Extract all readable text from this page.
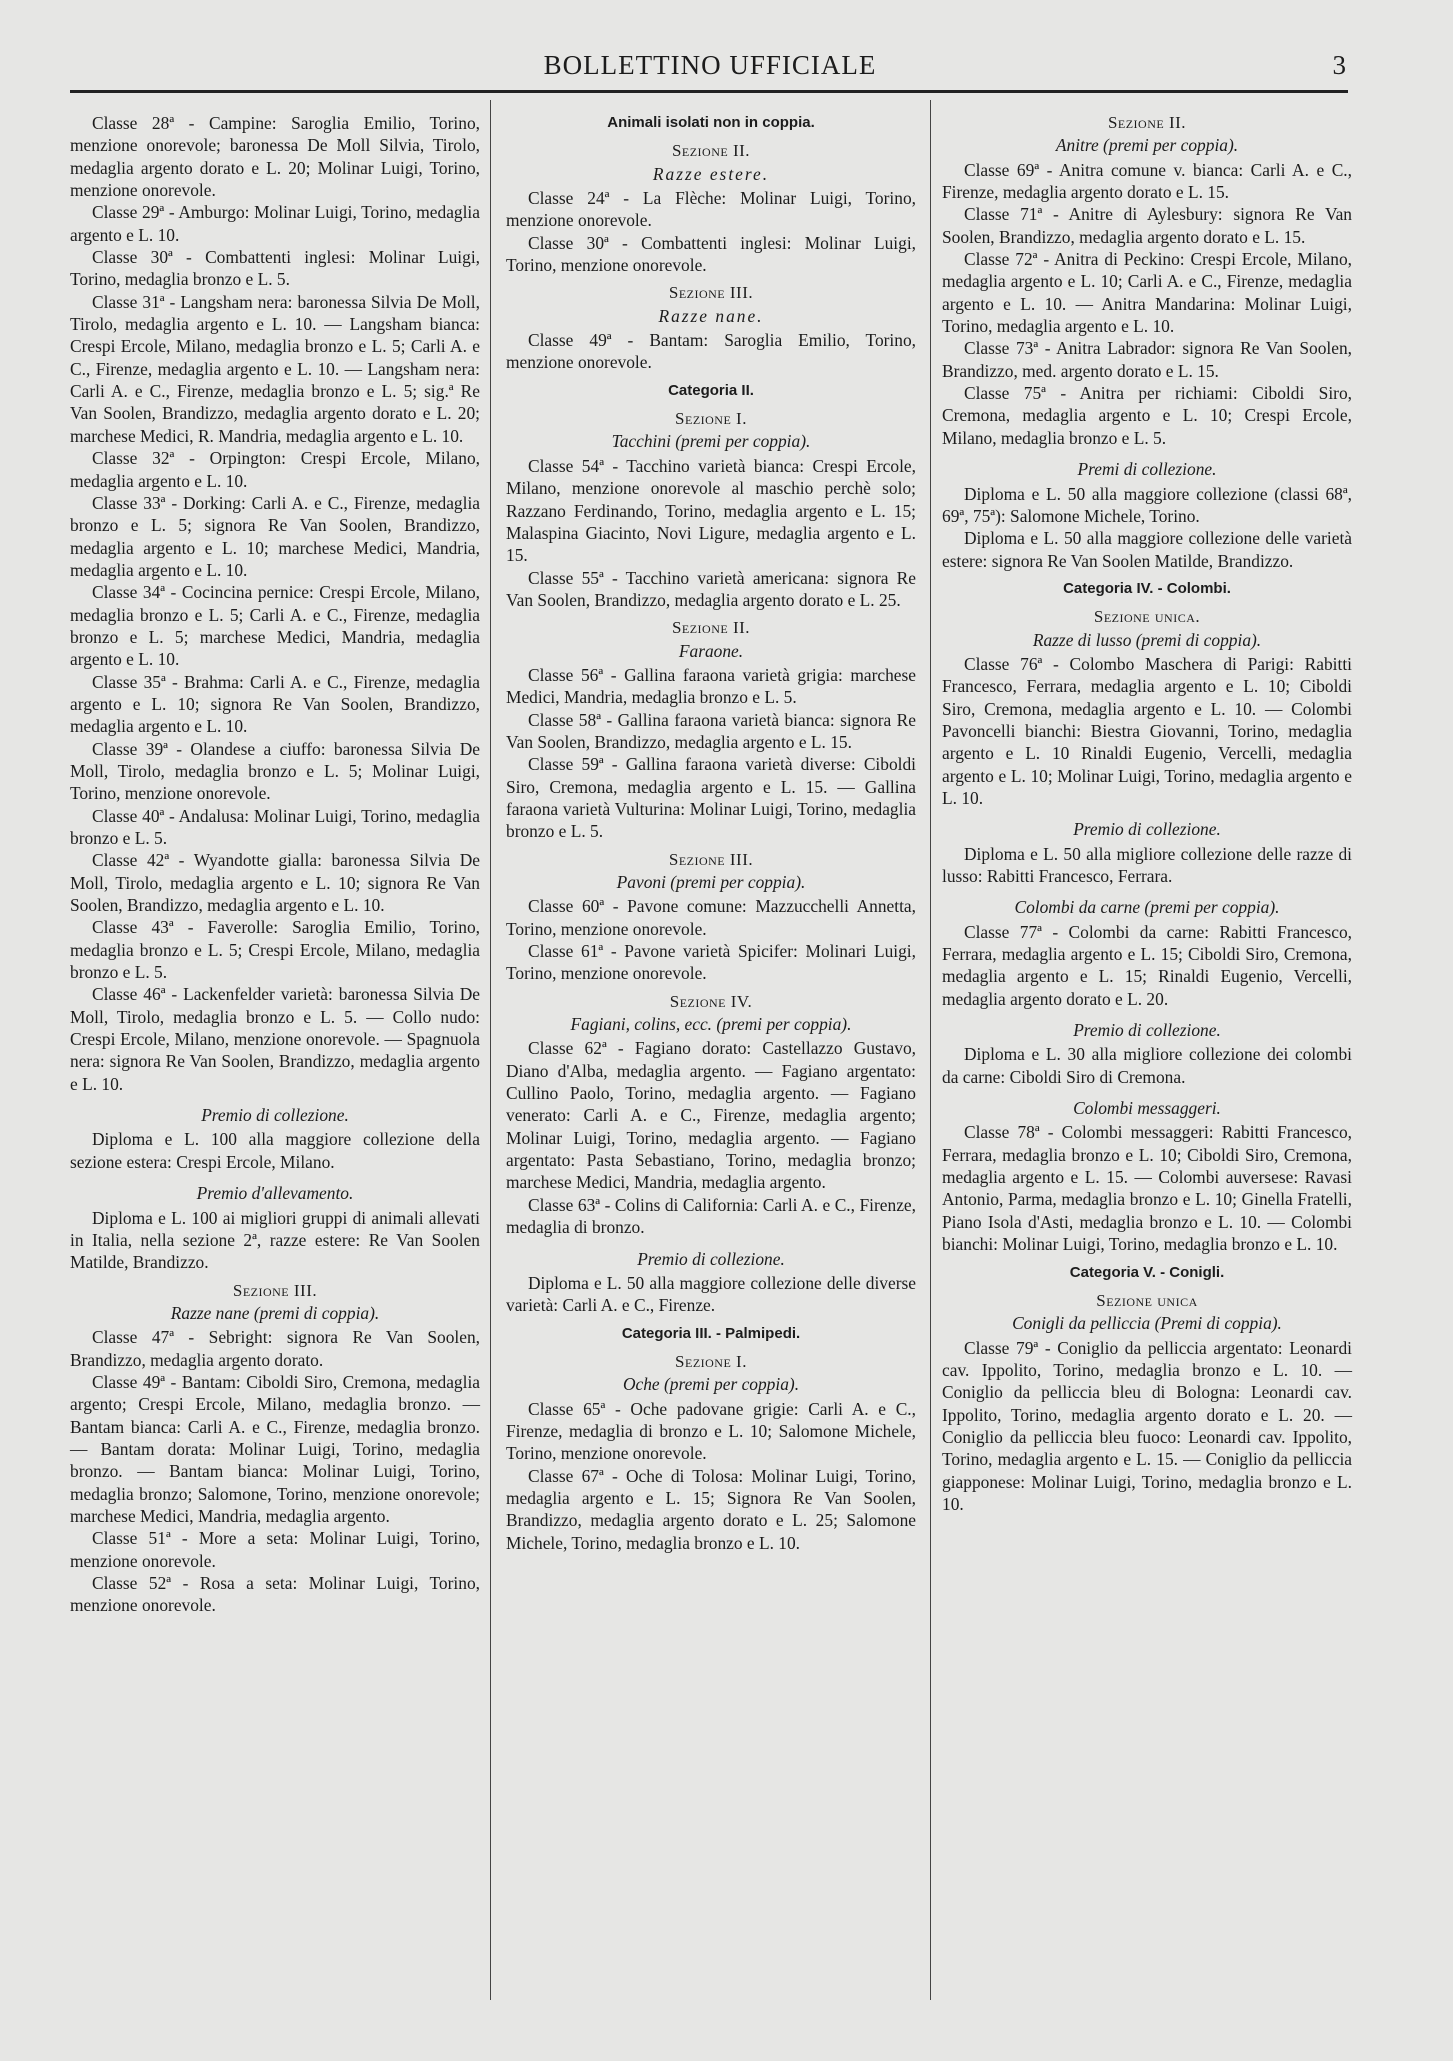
BOLLETTINO UFFICIALE	3

Classe 28ª - Campine: Saroglia Emilio, Torino, menzione onorevole; baronessa De Moll Silvia, Tirolo, medaglia argento dorato e L. 20; Molinar Luigi, Torino, menzione onorevole.

Classe 29ª - Amburgo: Molinar Luigi, Torino, medaglia argento e L. 10.

Classe 30ª - Combattenti inglesi: Molinar Luigi, Torino, medaglia bronzo e L. 5.

Classe 31ª - Langsham nera: baronessa Silvia De Moll, Tirolo, medaglia argento e L. 10. — Langsham bianca: Crespi Ercole, Milano, medaglia bronzo e L. 5; Carli A. e C., Firenze, medaglia argento e L. 10. — Langsham nera: Carli A. e C., Firenze, medaglia bronzo e L. 5; sig.ª Re Van Soolen, Brandizzo, medaglia argento dorato e L. 20; marchese Medici, R. Mandria, medaglia argento e L. 10.

Classe 32ª - Orpington: Crespi Ercole, Milano, medaglia argento e L. 10.

Classe 33ª - Dorking: Carli A. e C., Firenze, medaglia bronzo e L. 5; signora Re Van Soolen, Brandizzo, medaglia argento e L. 10; marchese Medici, Mandria, medaglia argento e L. 10.

Classe 34ª - Cocincina pernice: Crespi Ercole, Milano, medaglia bronzo e L. 5; Carli A. e C., Firenze, medaglia bronzo e L. 5; marchese Medici, Mandria, medaglia argento e L. 10.

Classe 35ª - Brahma: Carli A. e C., Firenze, medaglia argento e L. 10; signora Re Van Soolen, Brandizzo, medaglia argento e L. 10.

Classe 39ª - Olandese a ciuffo: baronessa Silvia De Moll, Tirolo, medaglia bronzo e L. 5; Molinar Luigi, Torino, menzione onorevole.

Classe 40ª - Andalusa: Molinar Luigi, Torino, medaglia bronzo e L. 5.

Classe 42ª - Wyandotte gialla: baronessa Silvia De Moll, Tirolo, medaglia argento e L. 10; signora Re Van Soolen, Brandizzo, medaglia argento e L. 10.

Classe 43ª - Faverolle: Saroglia Emilio, Torino, medaglia bronzo e L. 5; Crespi Ercole, Milano, medaglia bronzo e L. 5.

Classe 46ª - Lackenfelder varietà: baronessa Silvia De Moll, Tirolo, medaglia bronzo e L. 5. — Collo nudo: Crespi Ercole, Milano, menzione onorevole. — Spagnuola nera: signora Re Van Soolen, Brandizzo, medaglia argento e L. 10.

Premio di collezione.

Diploma e L. 100 alla maggiore collezione della sezione estera: Crespi Ercole, Milano.

Premio d'allevamento.

Diploma e L. 100 ai migliori gruppi di animali allevati in Italia, nella sezione 2ª, razze estere: Re Van Soolen Matilde, Brandizzo.

Sezione III.
Razze nane (premi di coppia).

Classe 47ª - Sebright: signora Re Van Soolen, Brandizzo, medaglia argento dorato.

Classe 49ª - Bantam: Ciboldi Siro, Cremona, medaglia argento; Crespi Ercole, Milano, medaglia bronzo. — Bantam bianca: Carli A. e C., Firenze, medaglia bronzo. — Bantam dorata: Molinar Luigi, Torino, medaglia bronzo. — Bantam bianca: Molinar Luigi, Torino, medaglia bronzo; Salomone, Torino, menzione onorevole; marchese Medici, Mandria, medaglia argento.

Classe 51ª - More a seta: Molinar Luigi, Torino, menzione onorevole.

Classe 52ª - Rosa a seta: Molinar Luigi, Torino, menzione onorevole.

Animali isolati non in coppia.
Sezione II.
Razze estere.

Classe 24ª - La Flèche: Molinar Luigi, Torino, menzione onorevole.

Classe 30ª - Combattenti inglesi: Molinar Luigi, Torino, menzione onorevole.

Sezione III.
Razze nane.

Classe 49ª - Bantam: Saroglia Emilio, Torino, menzione onorevole.

Categoria II.
Sezione I.
Tacchini (premi per coppia).

Classe 54ª - Tacchino varietà bianca: Crespi Ercole, Milano, menzione onorevole al maschio perchè solo; Razzano Ferdinando, Torino, medaglia argento e L. 15; Malaspina Giacinto, Novi Ligure, medaglia argento e L. 15.

Classe 55ª - Tacchino varietà americana: signora Re Van Soolen, Brandizzo, medaglia argento dorato e L. 25.

Sezione II.
Faraone.

Classe 56ª - Gallina faraona varietà grigia: marchese Medici, Mandria, medaglia bronzo e L. 5.

Classe 58ª - Gallina faraona varietà bianca: signora Re Van Soolen, Brandizzo, medaglia argento e L. 15.

Classe 59ª - Gallina faraona varietà diverse: Ciboldi Siro, Cremona, medaglia argento e L. 15. — Gallina faraona varietà Vulturina: Molinar Luigi, Torino, medaglia bronzo e L. 5.

Sezione III.
Pavoni (premi per coppia).

Classe 60ª - Pavone comune: Mazzucchelli Annetta, Torino, menzione onorevole.

Classe 61ª - Pavone varietà Spicifer: Molinari Luigi, Torino, menzione onorevole.

Sezione IV.
Fagiani, colins, ecc. (premi per coppia).

Classe 62ª - Fagiano dorato: Castellazzo Gustavo, Diano d'Alba, medaglia argento. — Fagiano argentato: Cullino Paolo, Torino, medaglia argento. — Fagiano venerato: Carli A. e C., Firenze, medaglia argento; Molinar Luigi, Torino, medaglia argento. — Fagiano argentato: Pasta Sebastiano, Torino, medaglia bronzo; marchese Medici, Mandria, medaglia argento.

Classe 63ª - Colins di California: Carli A. e C., Firenze, medaglia di bronzo.

Premio di collezione.

Diploma e L. 50 alla maggiore collezione delle diverse varietà: Carli A. e C., Firenze.

Categoria III. - Palmipedi.
Sezione I.
Oche (premi per coppia).

Classe 65ª - Oche padovane grigie: Carli A. e C., Firenze, medaglia di bronzo e L. 10; Salomone Michele, Torino, menzione onorevole.

Classe 67ª - Oche di Tolosa: Molinar Luigi, Torino, medaglia argento e L. 15; Signora Re Van Soolen, Brandizzo, medaglia argento dorato e L. 25; Salomone Michele, Torino, medaglia bronzo e L. 10.

Sezione II.
Anitre (premi per coppia).

Classe 69ª - Anitra comune v. bianca: Carli A. e C., Firenze, medaglia argento dorato e L. 15.

Classe 71ª - Anitre di Aylesbury: signora Re Van Soolen, Brandizzo, medaglia argento dorato e L. 15.

Classe 72ª - Anitra di Peckino: Crespi Ercole, Milano, medaglia argento e L. 10; Carli A. e C., Firenze, medaglia argento e L. 10. — Anitra Mandarina: Molinar Luigi, Torino, medaglia argento e L. 10.

Classe 73ª - Anitra Labrador: signora Re Van Soolen, Brandizzo, med. argento dorato e L. 15.

Classe 75ª - Anitra per richiami: Ciboldi Siro, Cremona, medaglia argento e L. 10; Crespi Ercole, Milano, medaglia bronzo e L. 5.

Premi di collezione.

Diploma e L. 50 alla maggiore collezione (classi 68ª, 69ª, 75ª): Salomone Michele, Torino.

Diploma e L. 50 alla maggiore collezione delle varietà estere: signora Re Van Soolen Matilde, Brandizzo.

Categoria IV. - Colombi.
Sezione unica.
Razze di lusso (premi di coppia).

Classe 76ª - Colombo Maschera di Parigi: Rabitti Francesco, Ferrara, medaglia argento e L. 10; Ciboldi Siro, Cremona, medaglia argento e L. 10. — Colombi Pavoncelli bianchi: Biestra Giovanni, Torino, medaglia argento e L. 10 Rinaldi Eugenio, Vercelli, medaglia argento e L. 10; Molinar Luigi, Torino, medaglia argento e L. 10.

Premio di collezione.

Diploma e L. 50 alla migliore collezione delle razze di lusso: Rabitti Francesco, Ferrara.

Colombi da carne (premi per coppia).

Classe 77ª - Colombi da carne: Rabitti Francesco, Ferrara, medaglia argento e L. 15; Ciboldi Siro, Cremona, medaglia argento e L. 15; Rinaldi Eugenio, Vercelli, medaglia argento dorato e L. 20.

Premio di collezione.

Diploma e L. 30 alla migliore collezione dei colombi da carne: Ciboldi Siro di Cremona.

Colombi messaggeri.

Classe 78ª - Colombi messaggeri: Rabitti Francesco, Ferrara, medaglia bronzo e L. 10; Ciboldi Siro, Cremona, medaglia argento e L. 15. — Colombi auversese: Ravasi Antonio, Parma, medaglia bronzo e L. 10; Ginella Fratelli, Piano Isola d'Asti, medaglia bronzo e L. 10. — Colombi bianchi: Molinar Luigi, Torino, medaglia bronzo e L. 10.

Categoria V. - Conigli.
Sezione unica
Conigli da pelliccia (Premi di coppia).

Classe 79ª - Coniglio da pelliccia argentato: Leonardi cav. Ippolito, Torino, medaglia bronzo e L. 10. — Coniglio da pelliccia bleu di Bologna: Leonardi cav. Ippolito, Torino, medaglia argento dorato e L. 20. — Coniglio da pelliccia bleu fuoco: Leonardi cav. Ippolito, Torino, medaglia argento e L. 15. — Coniglio da pelliccia giapponese: Molinar Luigi, Torino, medaglia bronzo e L. 10.
